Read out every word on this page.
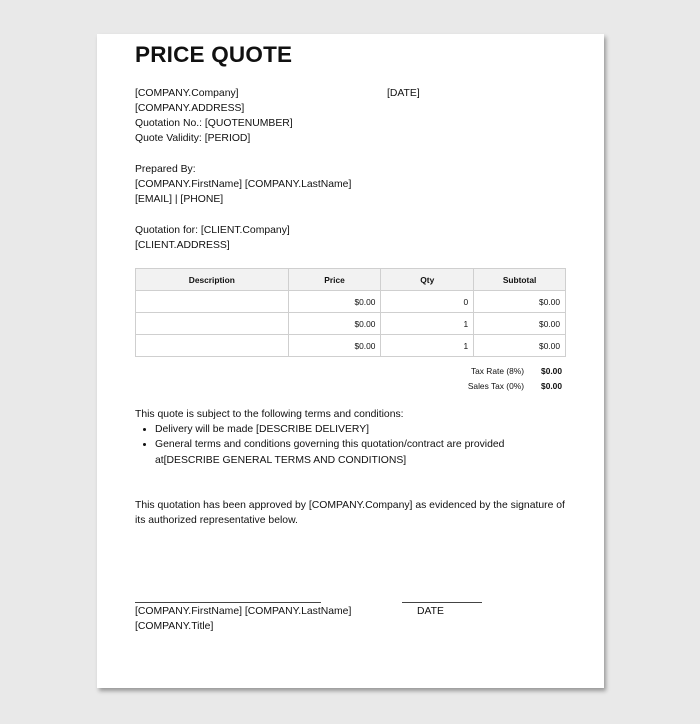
PRICE QUOTE
[COMPANY.Company]	[DATE]
[COMPANY.ADDRESS]
Quotation No.: [QUOTENUMBER]
Quote Validity: [PERIOD]
Prepared By:
[COMPANY.FirstName] [COMPANY.LastName]
[EMAIL] | [PHONE]
Quotation for: [CLIENT.Company]
[CLIENT.ADDRESS]
Description	Price	Qty	Subtotal
	$0.00	0	$0.00
	$0.00	1	$0.00
	$0.00	1	$0.00
Tax Rate (8%) $0.00
Sales Tax (0%) $0.00
This quote is subject to the following terms and conditions:
• Delivery will be made [DESCRIBE DELIVERY]
• General terms and conditions governing this quotation/contract are provided at[DESCRIBE GENERAL TERMS AND CONDITIONS]
This quotation has been approved by [COMPANY.Company] as evidenced by the signature of
its authorized representative below.
[COMPANY.FirstName] [COMPANY.LastName]	DATE
[COMPANY.Title]
